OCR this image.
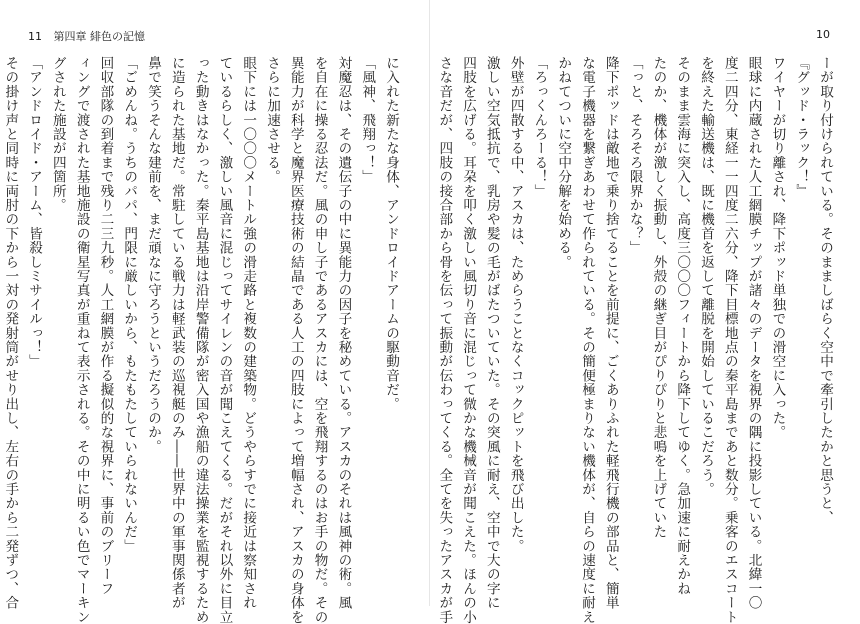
11 第四章 緋色の記憶
に入れた新たな身体、アンドロイドアームの駆動音だ。
「風神、飛翔っ！」
対魔忍は、その遺伝子の中に異能力の因子を秘めている。アスカのそれは風神の術。風
を自在に操る忍法だ。風の申し子であるアスカには、空を飛翔するのはお手の物だ。その
異能力が科学と魔界医療技術の結晶である人工の四肢によって増幅され、アスカの身体を
さらに加速させる。
眼下には一〇〇〇メートル強の滑走路と複数の建築物。どうやらすでに接近は察知され
ているらしく、激しい風音に混じってサイレンの音が聞こえてくる。だがそれ以外に目立
った動きはなかった。秦平島基地は沿岸警備隊が密入国や漁船の違法操業を監視するため
に造られた基地だ。常駐している戦力は軽武装の巡視艇のみ――世界中の軍事関係者が
鼻で笑うそんな建前を、まだ頑なに守ろうというだろうのか。
「ごめんね。うちのパパ、門限に厳しいから、もたもたしていられないんだ」
回収部隊の到着まで残り二三九秒。人工網膜が作る擬似的な視界に、事前のブリーフ
ィングで渡された基地施設の衛星写真が重ねて表示される。その中に明るい色でマーキン
グされた施設が四箇所。
「アンドロイド・アーム、皆殺しミサイルっ！」
その掛け声と同時に両肘の下から一対の発射筒がせり出し、左右の手から二発ずつ、合
10
ーが取り付けられている。そのまましばらく空中で牽引したかと思うと、
『グッド・ラック！』
ワイヤーが切り離され、降下ポッド単独での滑空に入った。
眼球に内蔵された人工網膜チップが諸々のデータを視界の隅に投影している。北緯一〇
度二四分、東経一一四度二六分、降下目標地点の秦平島まであと数分。乗客のエスコート
を終えた輸送機は、既に機首を返して離脱を開始しているこだろう。
そのまま雲海に突入し、高度三〇〇〇フィートから降下してゆく。急加速に耐えかね
たのか、機体が激しく振動し、外殻の継ぎ目がぴりぴりと悲鳴を上げていた
「っと、そろそろ限界かな？」
降下ポッドは敵地で乗り捨てることを前提に、ごくありふれた軽飛行機の部品と、簡単
な電子機器を繋ぎあわせて作られている。その簡便極まりない機体が、自らの速度に耐え
かねてついに空中分解を始める。
「ろっくんろーる！」
外壁が四散する中、アスカは、ためらうことなくコックピットを飛び出した。
激しい空気抵抗で、乳房や髪の毛がばたついていた。その突風に耐え、空中で大の字に
四肢を広げる。耳朶を叩く激しい風切り音に混じって微かな機械音が聞こえた。ほんの小
さな音だが、四肢の接合部から骨を伝って振動が伝わってくる。全てを失ったアスカが手
